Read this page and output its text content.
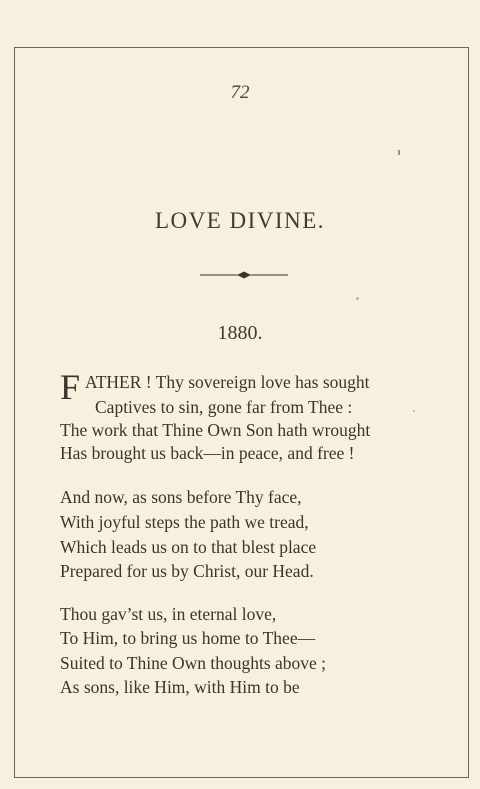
72
LOVE DIVINE.
1880.
F ATHER ! Thy sovereign love has sought
Captives to sin, gone far from Thee :
The work that Thine Own Son hath wrought
Has brought us back—in peace, and free !
And now, as sons before Thy face,
With joyful steps the path we tread,
Which leads us on to that blest place
Prepared for us by Christ, our Head.
Thou gav’st us, in eternal love,
To Him, to bring us home to Thee—
Suited to Thine Own thoughts above ;
As sons, like Him, with Him to be
